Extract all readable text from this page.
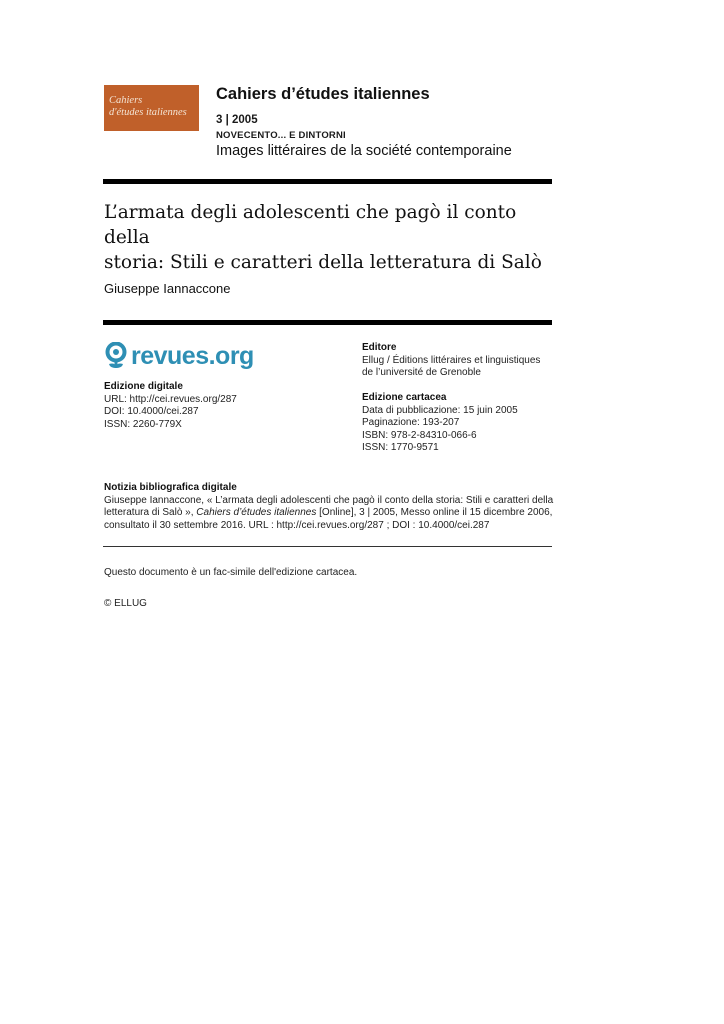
Cahiers
d'études italiennes
Cahiers d’études italiennes
3 | 2005
NOVECENTO... E DINTORNI
Images littéraires de la société contemporaine
L’armata degli adolescenti che pagò il conto della
storia: Stili e caratteri della letteratura di Salò
Giuseppe Iannaccone
revues.org
Edizione digitale
URL: http://cei.revues.org/287
DOI: 10.4000/cei.287
ISSN: 2260-779X
Editore
Ellug / Éditions littéraires et linguistiques
de l’université de Grenoble
Edizione cartacea
Data di pubblicazione: 15 juin 2005
Paginazione: 193-207
ISBN: 978-2-84310-066-6
ISSN: 1770-9571
Notizia bibliografica digitale
Giuseppe Iannaccone, « L’armata degli adolescenti che pagò il conto della storia: Stili e caratteri della
letteratura di Salò », Cahiers d’études italiennes [Online], 3 | 2005, Messo online il 15 dicembre 2006,
consultato il 30 settembre 2016. URL : http://cei.revues.org/287 ; DOI : 10.4000/cei.287
Questo documento è un fac-simile dell'edizione cartacea.
© ELLUG
